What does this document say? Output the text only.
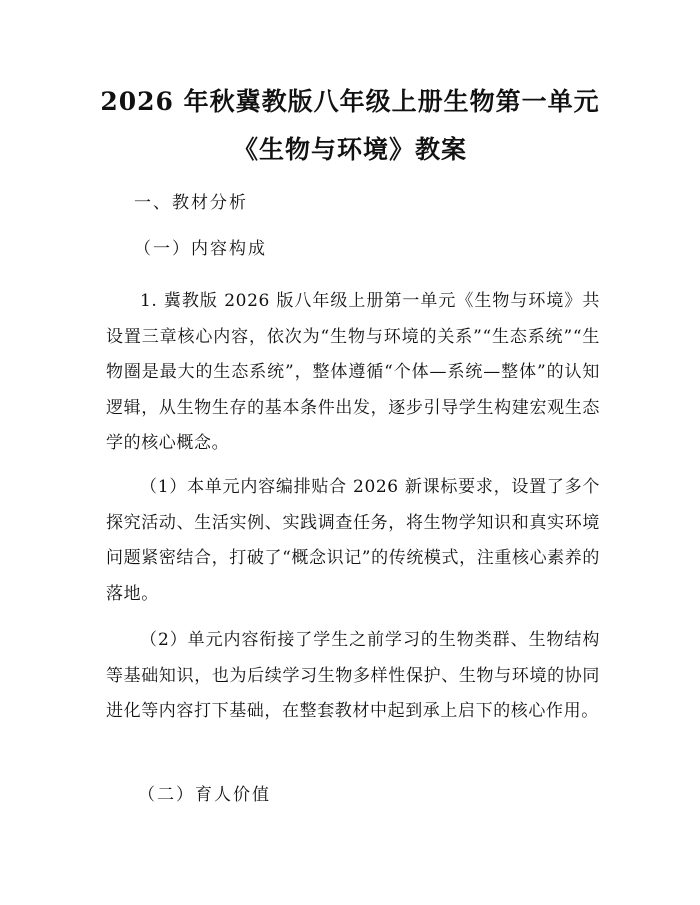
2026 年秋冀教版八年级上册生物第一单元
《生物与环境》教案

一、教材分析

（一）内容构成

1. 冀教版 2026 版八年级上册第一单元《生物与环境》共设置三章核心内容，依次为“生物与环境的关系”“生态系统”“生物圈是最大的生态系统”，整体遵循“个体—系统—整体”的认知逻辑，从生物生存的基本条件出发，逐步引导学生构建宏观生态学的核心概念。

（1）本单元内容编排贴合 2026 新课标要求，设置了多个探究活动、生活实例、实践调查任务，将生物学知识和真实环境问题紧密结合，打破了“概念识记”的传统模式，注重核心素养的落地。

（2）单元内容衔接了学生之前学习的生物类群、生物结构等基础知识，也为后续学习生物多样性保护、生物与环境的协同进化等内容打下基础，在整套教材中起到承上启下的核心作用。

（二）育人价值
